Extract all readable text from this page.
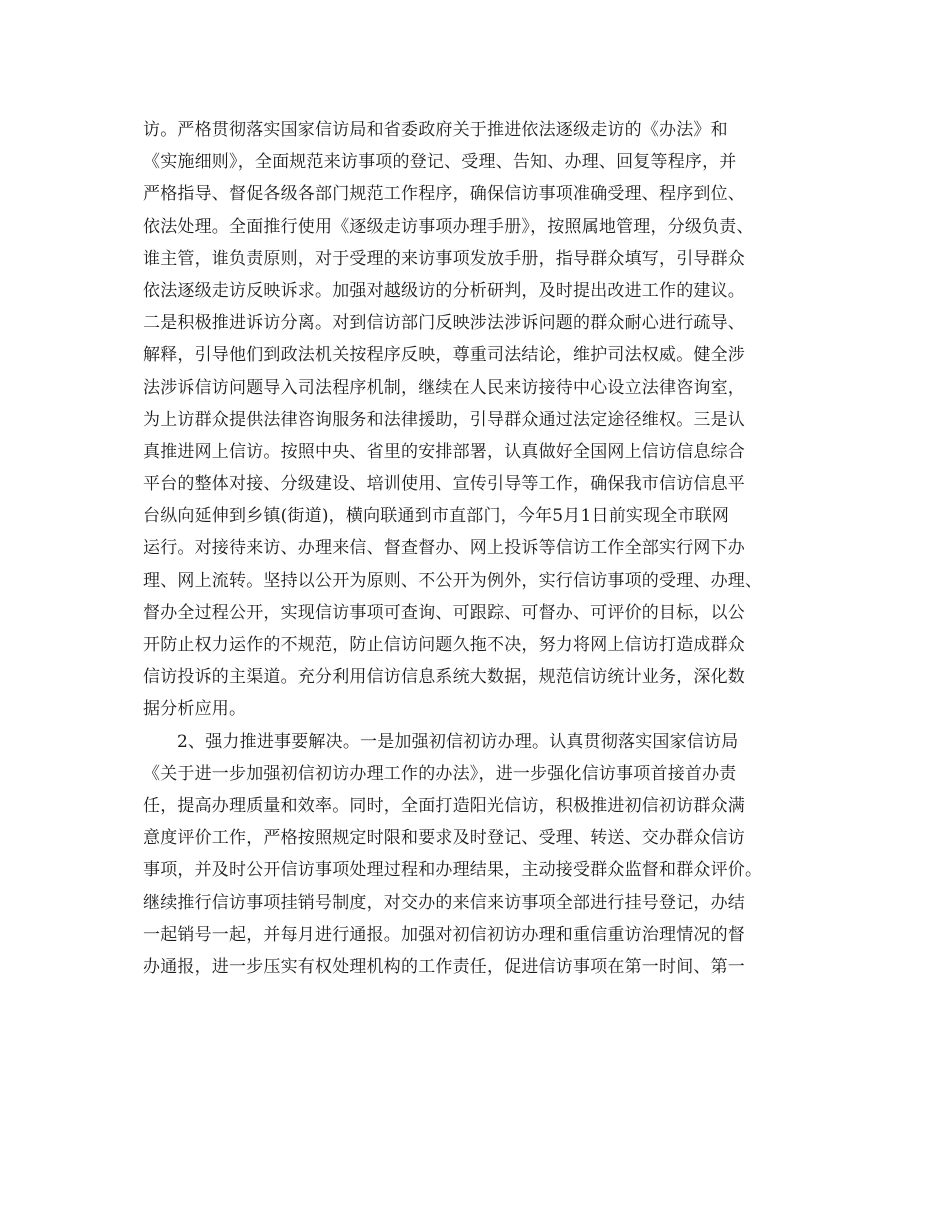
访。严格贯彻落实国家信访局和省委政府关于推进依法逐级走访的《办法》和
《实施细则》，全面规范来访事项的登记、受理、告知、办理、回复等程序，并
严格指导、督促各级各部门规范工作程序，确保信访事项准确受理、程序到位、
依法处理。全面推行使用《逐级走访事项办理手册》，按照属地管理，分级负责、
谁主管，谁负责原则，对于受理的来访事项发放手册，指导群众填写，引导群众
依法逐级走访反映诉求。加强对越级访的分析研判，及时提出改进工作的建议。
二是积极推进诉访分离。对到信访部门反映涉法涉诉问题的群众耐心进行疏导、
解释，引导他们到政法机关按程序反映，尊重司法结论，维护司法权威。健全涉
法涉诉信访问题导入司法程序机制，继续在人民来访接待中心设立法律咨询室，
为上访群众提供法律咨询服务和法律援助，引导群众通过法定途径维权。三是认
真推进网上信访。按照中央、省里的安排部署，认真做好全国网上信访信息综合
平台的整体对接、分级建设、培训使用、宣传引导等工作，确保我市信访信息平
台纵向延伸到乡镇(街道)，横向联通到市直部门，今年5月1日前实现全市联网
运行。对接待来访、办理来信、督查督办、网上投诉等信访工作全部实行网下办
理、网上流转。坚持以公开为原则、不公开为例外，实行信访事项的受理、办理、
督办全过程公开，实现信访事项可查询、可跟踪、可督办、可评价的目标，以公
开防止权力运作的不规范，防止信访问题久拖不决，努力将网上信访打造成群众
信访投诉的主渠道。充分利用信访信息系统大数据，规范信访统计业务，深化数
据分析应用。
2、强力推进事要解决。一是加强初信初访办理。认真贯彻落实国家信访局
《关于进一步加强初信初访办理工作的办法》，进一步强化信访事项首接首办责
任，提高办理质量和效率。同时，全面打造阳光信访，积极推进初信初访群众满
意度评价工作，严格按照规定时限和要求及时登记、受理、转送、交办群众信访
事项，并及时公开信访事项处理过程和办理结果，主动接受群众监督和群众评价。
继续推行信访事项挂销号制度，对交办的来信来访事项全部进行挂号登记，办结
一起销号一起，并每月进行通报。加强对初信初访办理和重信重访治理情况的督
办通报，进一步压实有权处理机构的工作责任，促进信访事项在第一时间、第一
